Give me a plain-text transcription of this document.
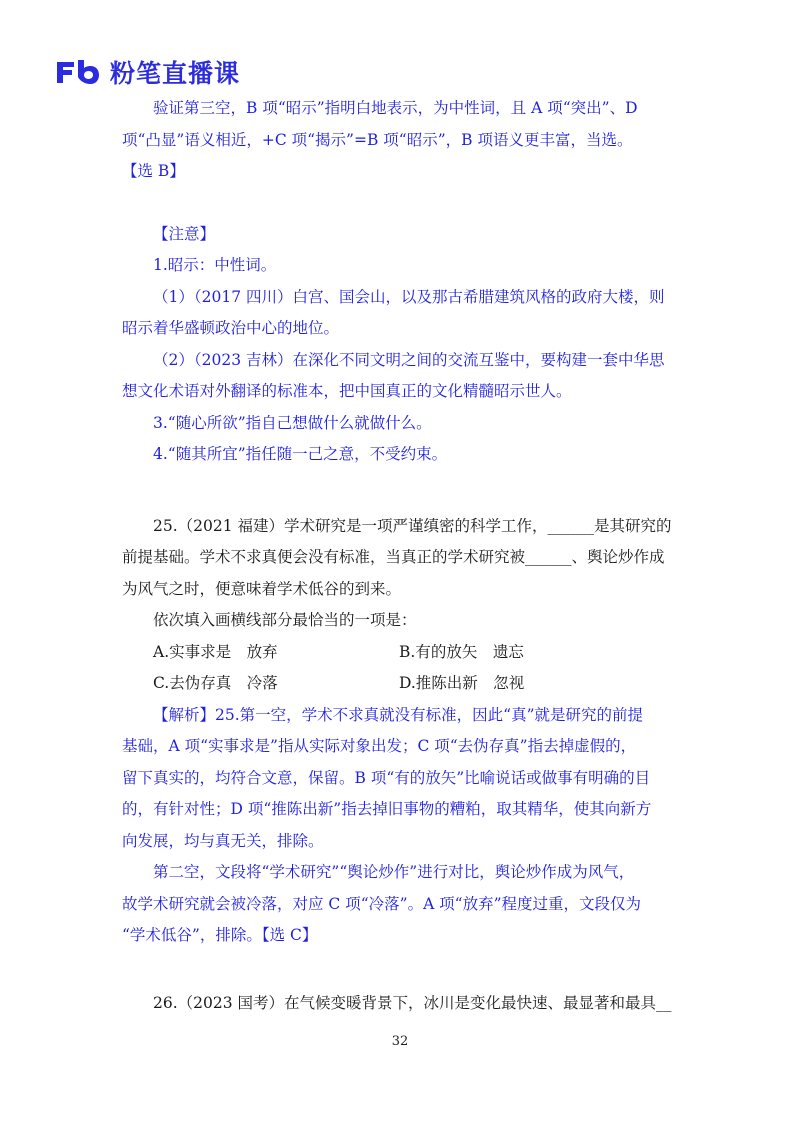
粉笔直播课

验证第三空，B 项“昭示”指明白地表示，为中性词，且 A 项“突出”、D

项“凸显”语义相近，+C 项“揭示”=B 项“昭示”，B 项语义更丰富，当选。

【选 B】

【注意】

1.昭示：中性词。

（1）（2017 四川）白宫、国会山，以及那古希腊建筑风格的政府大楼，则

昭示着华盛顿政治中心的地位。

（2）（2023 吉林）在深化不同文明之间的交流互鉴中，要构建一套中华思

想文化术语对外翻译的标准本，把中国真正的文化精髓昭示世人。

3.“随心所欲”指自己想做什么就做什么。

4.“随其所宜”指任随一己之意，不受约束。

25.（2021 福建）学术研究是一项严谨缜密的科学工作，______是其研究的

前提基础。学术不求真便会没有标准，当真正的学术研究被______、舆论炒作成

为风气之时，便意味着学术低谷的到来。

依次填入画横线部分最恰当的一项是：

A.实事求是　放弃	B.有的放矢　遗忘
C.去伪存真　冷落	D.推陈出新　忽视

【解析】25.第一空，学术不求真就没有标准，因此“真”就是研究的前提

基础，A 项“实事求是”指从实际对象出发；C 项“去伪存真”指去掉虚假的，

留下真实的，均符合文意，保留。B 项“有的放矢”比喻说话或做事有明确的目

的，有针对性；D 项“推陈出新”指去掉旧事物的糟粕，取其精华，使其向新方

向发展，均与真无关，排除。

第二空，文段将“学术研究”“舆论炒作”进行对比，舆论炒作成为风气，

故学术研究就会被冷落，对应 C 项“冷落”。A 项“放弃”程度过重，文段仅为

“学术低谷”，排除。【选 C】

26.（2023 国考）在气候变暖背景下，冰川是变化最快速、最显著和最具__

32
